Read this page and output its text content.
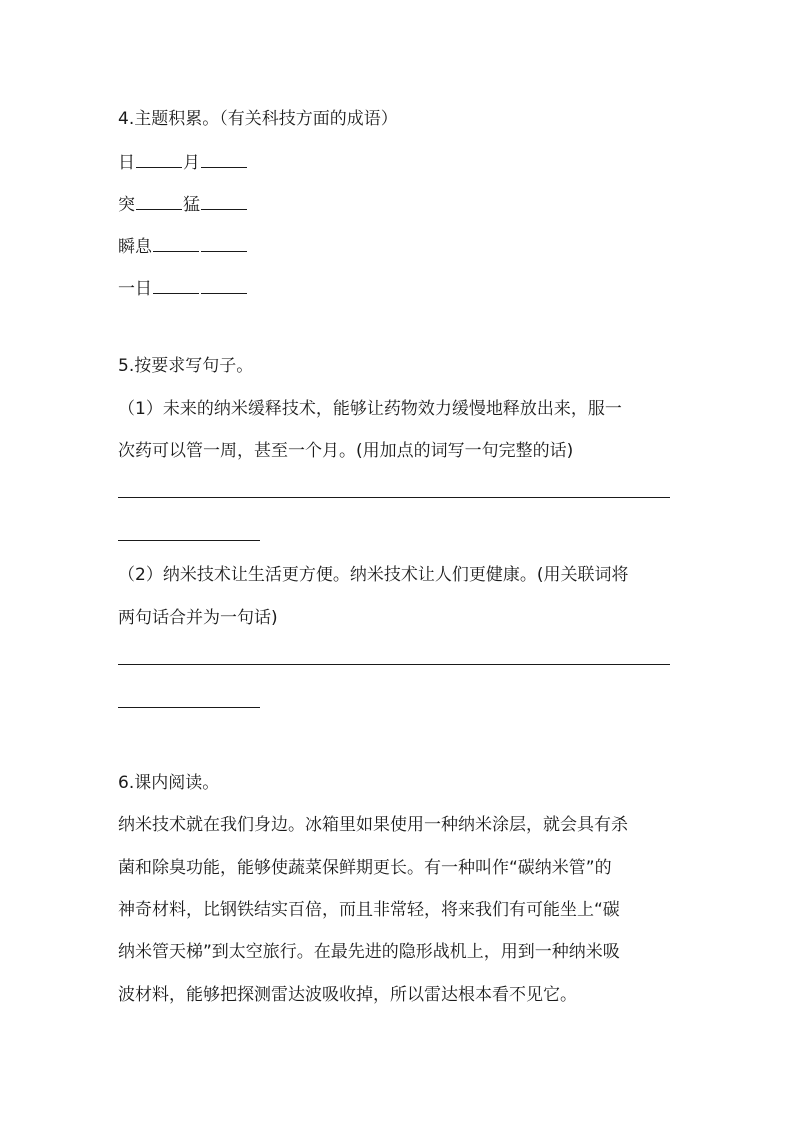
4.主题积累。（有关科技方面的成语）

日	月

突	猛

瞬息

一日

5.按要求写句子。

（1）未来的纳米缓释技术，能够让药物效力缓慢地释放出来，服一

次药可以管一周，甚至一个月。(用加点的词写一句完整的话)

（2）纳米技术让生活更方便。纳米技术让人们更健康。(用关联词将

两句话合并为一句话)

6.课内阅读。

纳米技术就在我们身边。冰箱里如果使用一种纳米涂层，就会具有杀

菌和除臭功能，能够使蔬菜保鲜期更长。有一种叫作“碳纳米管”的

神奇材料，比钢铁结实百倍，而且非常轻，将来我们有可能坐上“碳

纳米管天梯”到太空旅行。在最先进的隐形战机上，用到一种纳米吸

波材料，能够把探测雷达波吸收掉，所以雷达根本看不见它。
